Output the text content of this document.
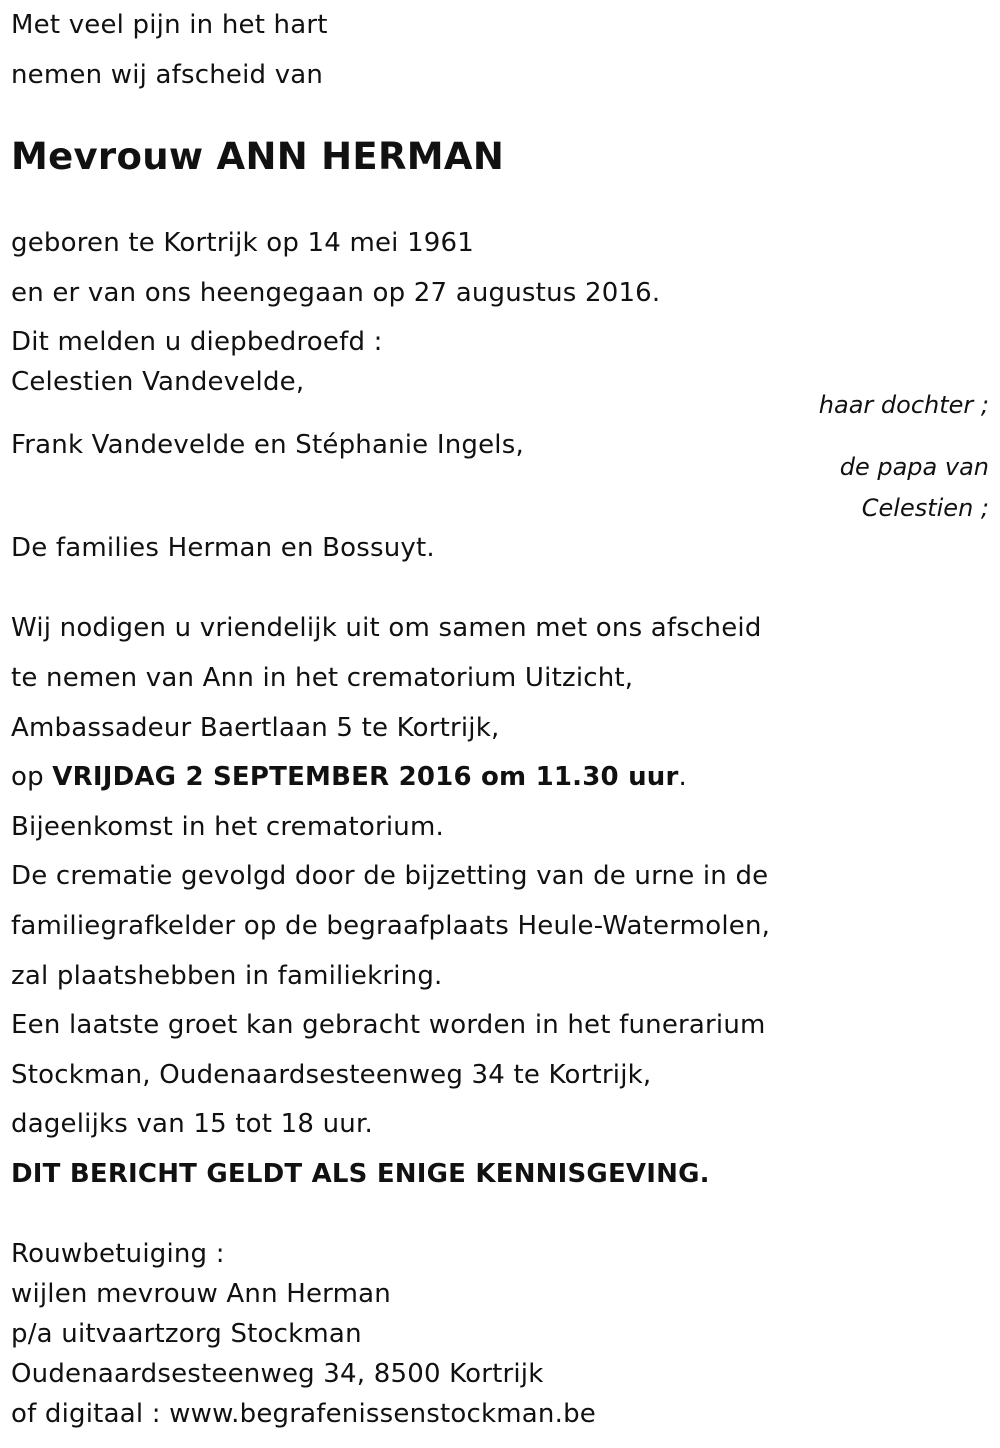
Met veel pijn in het hart
nemen wij afscheid van
Mevrouw ANN HERMAN
geboren te Kortrijk op 14 mei 1961
en er van ons heengegaan op 27 augustus 2016.
Dit melden u diepbedroefd :
Celestien Vandevelde,
haar dochter ;
Frank Vandevelde en Stéphanie Ingels,
de papa van
Celestien ;
De families Herman en Bossuyt.
Wij nodigen u vriendelijk uit om samen met ons afscheid
te nemen van Ann in het crematorium Uitzicht,
Ambassadeur Baertlaan 5 te Kortrijk,
op VRIJDAG 2 SEPTEMBER 2016 om 11.30 uur.
Bijeenkomst in het crematorium.
De crematie gevolgd door de bijzetting van de urne in de
familiegrafkelder op de begraafplaats Heule-Watermolen,
zal plaatshebben in familiekring.
Een laatste groet kan gebracht worden in het funerarium
Stockman, Oudenaardsesteenweg 34 te Kortrijk,
dagelijks van 15 tot 18 uur.
DIT BERICHT GELDT ALS ENIGE KENNISGEVING.
Rouwbetuiging :
wijlen mevrouw Ann Herman
p/a uitvaartzorg Stockman
Oudenaardsesteenweg 34, 8500 Kortrijk
of digitaal : www.begrafenissenstockman.be
